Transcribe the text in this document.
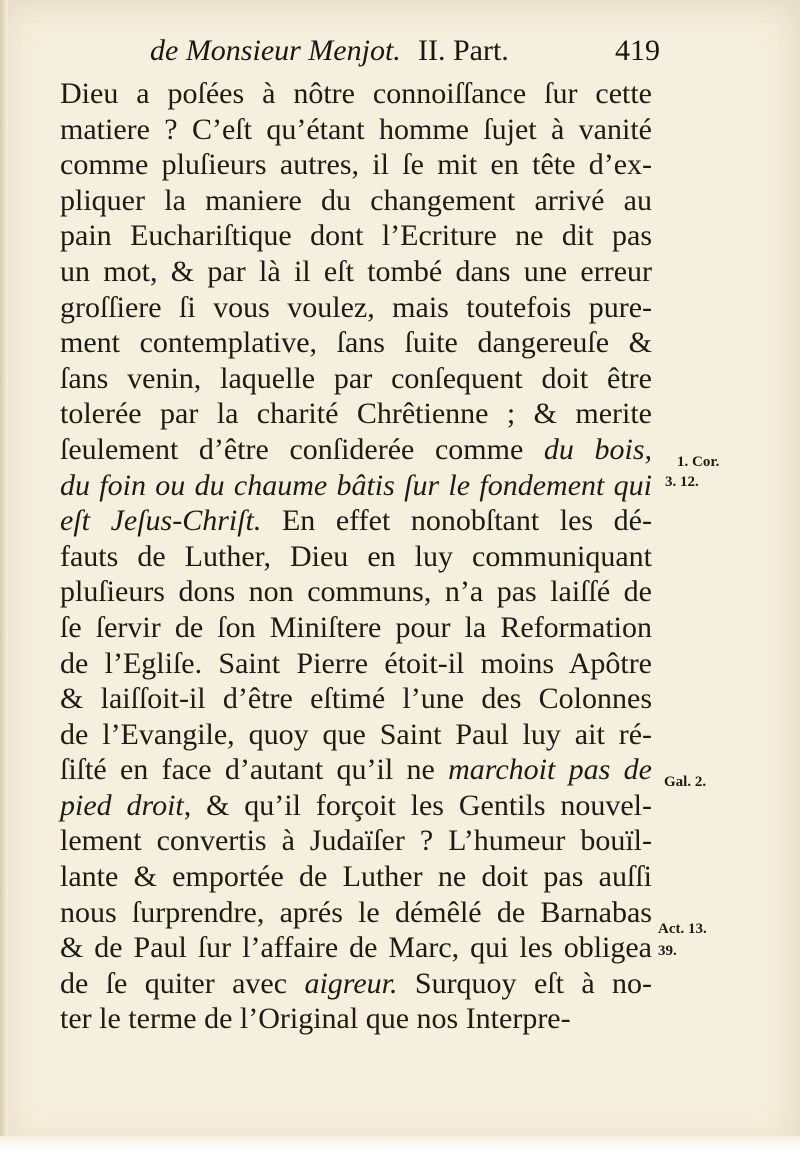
de Monsieur Menjot. II. Part.	419
Dieu a poſées à nôtre connoiſſance ſur cette
matiere ? C’eſt qu’étant homme ſujet à vanité
comme pluſieurs autres, il ſe mit en tête d’ex-
pliquer la maniere du changement arrivé au
pain Euchariſtique dont l’Ecriture ne dit pas
un mot, & par là il eſt tombé dans une erreur
groſſiere ſi vous voulez, mais toutefois pure-
ment contemplative, ſans ſuite dangereuſe &
ſans venin, laquelle par conſequent doit être
tolerée par la charité Chrêtienne ; & merite
ſeulement d’être conſiderée comme du bois,
du foin ou du chaume bâtis ſur le fondement qui
eſt Jeſus-Chriſt. En effet nonobſtant les dé-
fauts de Luther, Dieu en luy communiquant
pluſieurs dons non communs, n’a pas laiſſé de
ſe ſervir de ſon Miniſtere pour la Reformation
de l’Egliſe. Saint Pierre étoit-il moins Apôtre
& laiſſoit-il d’être eſtimé l’une des Colonnes
de l’Evangile, quoy que Saint Paul luy ait ré-
ſiſté en face d’autant qu’il ne marchoit pas de
pied droit, & qu’il forçoit les Gentils nouvel-
lement convertis à Judaïſer ? L’humeur bouïl-
lante & emportée de Luther ne doit pas auſſi
nous ſurprendre, aprés le démêlé de Barnabas
& de Paul ſur l’affaire de Marc, qui les obligea
de ſe quiter avec aigreur. Surquoy eſt à no-
ter le terme de l’Original que nos Interpre-
1. Cor.
3. 12.
Gal. 2.
Act. 13.
39.
